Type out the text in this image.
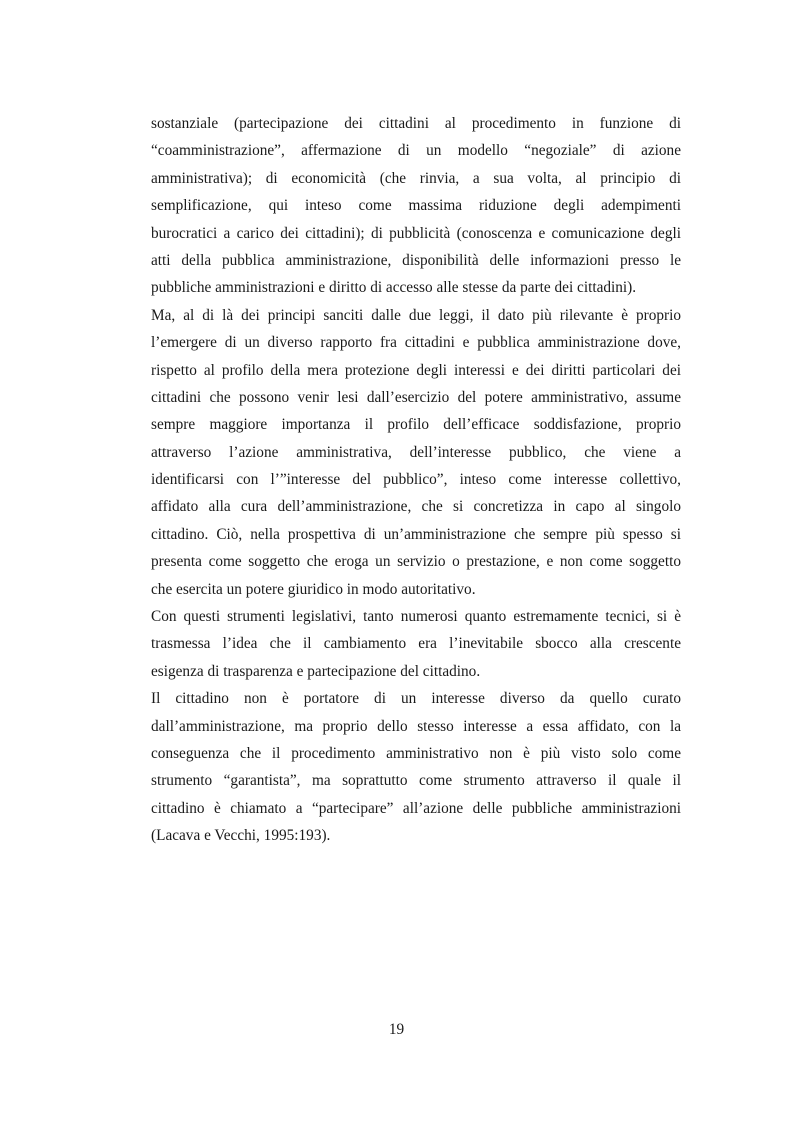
sostanziale (partecipazione dei cittadini al procedimento in funzione di
“coamministrazione”, affermazione di un modello “negoziale” di azione
amministrativa); di economicità (che rinvia, a sua volta, al principio di
semplificazione, qui inteso come massima riduzione degli adempimenti
burocratici a carico dei cittadini); di pubblicità (conoscenza e comunicazione degli
atti della pubblica amministrazione, disponibilità delle informazioni presso le
pubbliche amministrazioni e diritto di accesso alle stesse da parte dei cittadini).
Ma, al di là dei principi sanciti dalle due leggi, il dato più rilevante è proprio
l’emergere di un diverso rapporto fra cittadini e pubblica amministrazione dove,
rispetto al profilo della mera protezione degli interessi e dei diritti particolari dei
cittadini che possono venir lesi dall’esercizio del potere amministrativo, assume
sempre maggiore importanza il profilo dell’efficace soddisfazione, proprio
attraverso l’azione amministrativa, dell’interesse pubblico, che viene a
identificarsi con l’”interesse del pubblico”, inteso come interesse collettivo,
affidato alla cura dell’amministrazione, che si concretizza in capo al singolo
cittadino. Ciò, nella prospettiva di un’amministrazione che sempre più spesso si
presenta come soggetto che eroga un servizio o prestazione, e non come soggetto
che esercita un potere giuridico in modo autoritativo.
Con questi strumenti legislativi, tanto numerosi quanto estremamente tecnici, si è
trasmessa l’idea che il cambiamento era l’inevitabile sbocco alla crescente
esigenza di trasparenza e partecipazione del cittadino.
Il cittadino non è portatore di un interesse diverso da quello curato
dall’amministrazione, ma proprio dello stesso interesse a essa affidato, con la
conseguenza che il procedimento amministrativo non è più visto solo come
strumento “garantista”, ma soprattutto come strumento attraverso il quale il
cittadino è chiamato a “partecipare” all’azione delle pubbliche amministrazioni
(Lacava e Vecchi, 1995:193).
19
